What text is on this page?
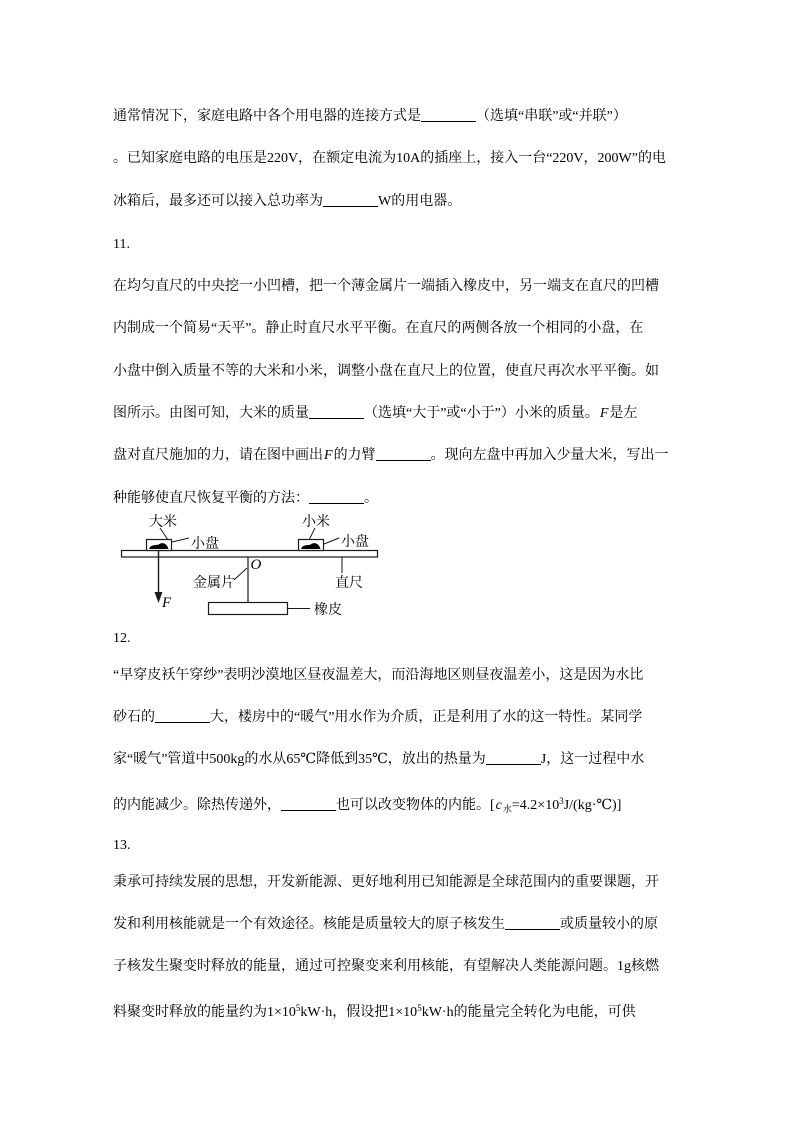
大米
小盘
小米
小盘
O
金属片	直尺
F	橡皮
通常情况下，家庭电路中各个用电器的连接方式是	（选填“串联”或“并联”）
。已知家庭电路的电压是220V，在额定电流为10A的插座上，接入一台“220V，200W”的电
冰箱后，最多还可以接入总功率为	W的用电器。
11.
在均匀直尺的中央挖一小凹槽，把一个薄金属片一端插入橡皮中，另一端支在直尺的凹槽
内制成一个简易“天平”。静止时直尺水平平衡。在直尺的两侧各放一个相同的小盘，在
小盘中倒入质量不等的大米和小米，调整小盘在直尺上的位置，使直尺再次水平平衡。如
图所示。由图可知，大米的质量	（选填“大于”或“小于”）小米的质量。F是左
盘对直尺施加的力，请在图中画出F的力臂	。现向左盘中再加入少量大米，写出一
种能够使直尺恢复平衡的方法：	。
12.
“早穿皮袄午穿纱”表明沙漠地区昼夜温差大，而沿海地区则昼夜温差小，这是因为水比
砂石的	大，楼房中的“暖气”用水作为介质，正是利用了水的这一特性。某同学
家“暖气”管道中500kg的水从65℃降低到35℃，放出的热量为	J，这一过程中水
的内能减少。除热传递外，	也可以改变物体的内能。$[c_水=4.2\times 10^3J/(kg\cdot℃)]$
13.
秉承可持续发展的思想，开发新能源、更好地利用已知能源是全球范围内的重要课题，开
发和利用核能就是一个有效途径。核能是质量较大的原子核发生	或质量较小的原
子核发生聚变时释放的能量，通过可控聚变来利用核能，有望解决人类能源问题。1g核燃
料聚变时释放的能量约为$1\times 10^5kW\cdot h$，假设把$1\times 10^5kW\cdot h$的能量完全转化为电能，可供
